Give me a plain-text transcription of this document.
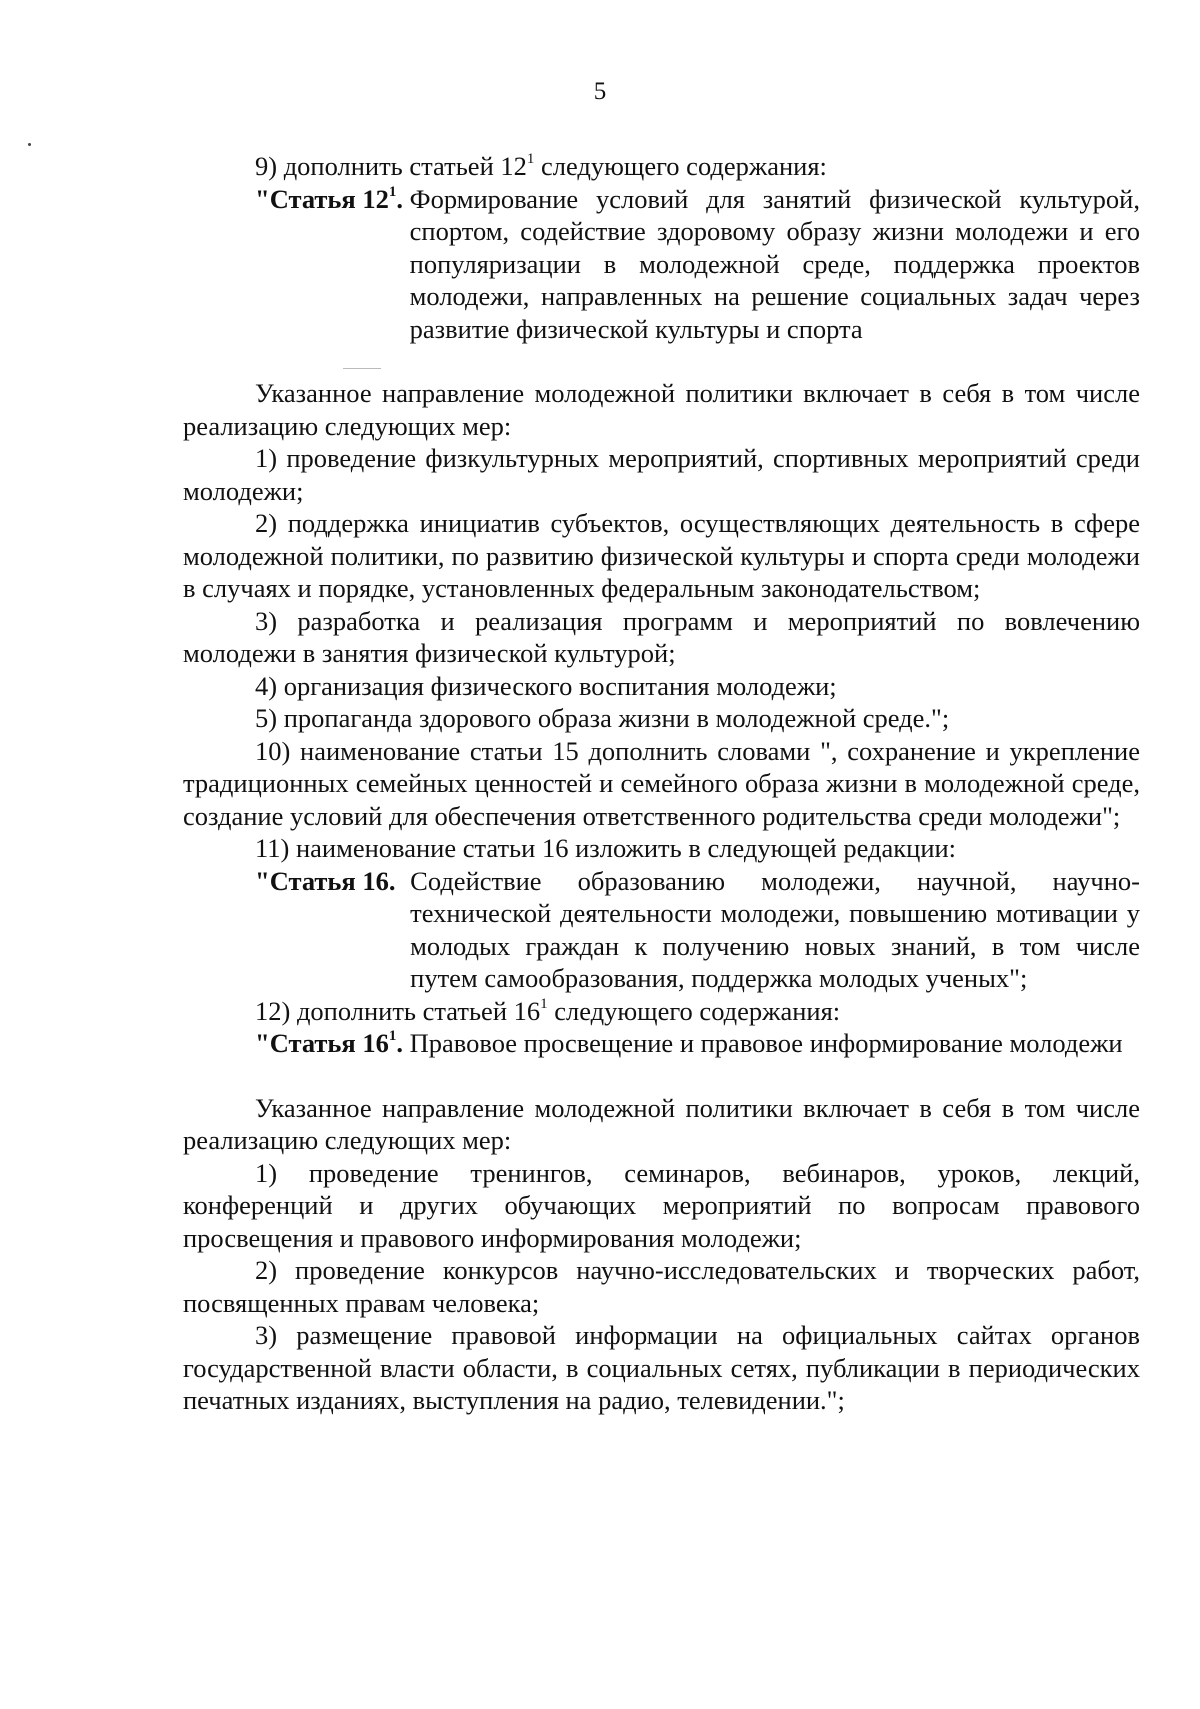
5

9) дополнить статьей $12^1$ следующего содержания:

"Статья $12^1$. Формирование условий для занятий физической культурой, спортом, содействие здоровому образу жизни молодежи и его популяризации в молодежной среде, поддержка проектов молодежи, направленных на решение социальных задач через развитие физической культуры и спорта

Указанное направление молодежной политики включает в себя в том числе реализацию следующих мер:

1) проведение физкультурных мероприятий, спортивных мероприятий среди молодежи;

2) поддержка инициатив субъектов, осуществляющих деятельность в сфере молодежной политики, по развитию физической культуры и спорта среди молодежи в случаях и порядке, установленных федеральным законодательством;

3) разработка и реализация программ и мероприятий по вовлечению молодежи в занятия физической культурой;

4) организация физического воспитания молодежи;

5) пропаганда здорового образа жизни в молодежной среде.";

10) наименование статьи 15 дополнить словами ", сохранение и укрепление традиционных семейных ценностей и семейного образа жизни в молодежной среде, создание условий для обеспечения ответственного родительства среди молодежи";

11) наименование статьи 16 изложить в следующей редакции:

"Статья 16. Содействие образованию молодежи, научной, научно-технической деятельности молодежи, повышению мотивации у молодых граждан к получению новых знаний, в том числе путем самообразования, поддержка молодых ученых";

12) дополнить статьей $16^1$ следующего содержания:

"Статья $16^1$. Правовое просвещение и правовое информирование молодежи

Указанное направление молодежной политики включает в себя в том числе реализацию следующих мер:

1) проведение тренингов, семинаров, вебинаров, уроков, лекций, конференций и других обучающих мероприятий по вопросам правового просвещения и правового информирования молодежи;

2) проведение конкурсов научно-исследовательских и творческих работ, посвященных правам человека;

3) размещение правовой информации на официальных сайтах органов государственной власти области, в социальных сетях, публикации в периодических печатных изданиях, выступления на радио, телевидении.";
